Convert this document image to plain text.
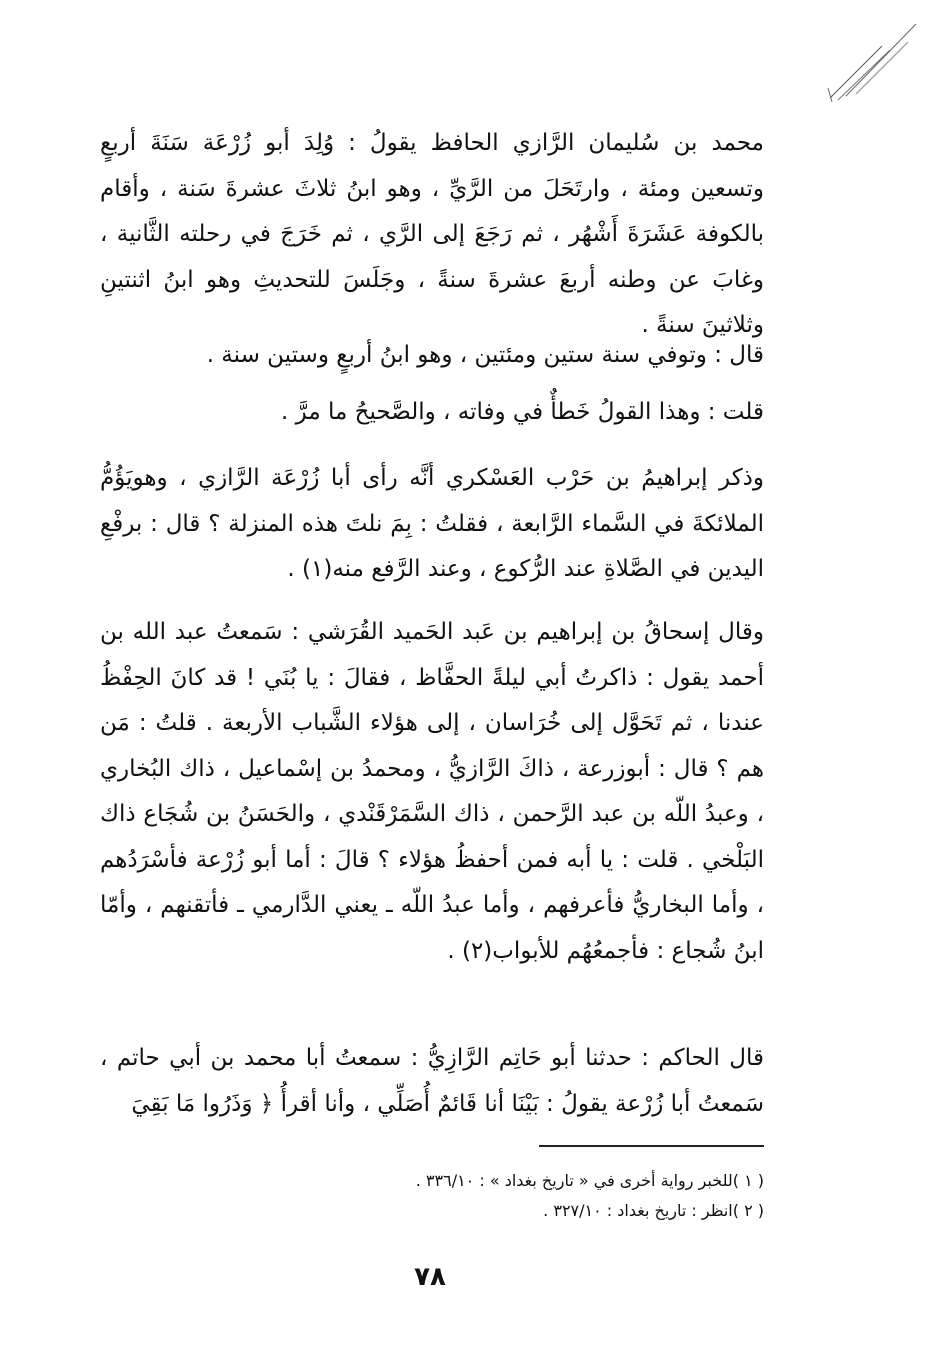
محمد بن سُليمان الرَّازي الحافظ يقولُ : وُلِدَ أبو زُرْعَة سَنَةَ أربعٍ وتسعين ومئة ، وارتَحَلَ من الرَّيِّ ، وهو ابنُ ثلاثَ عشرةَ سَنة ، وأقام بالكوفة عَشَرَةَ أَشْهُر ، ثم رَجَعَ إلى الرَّي ، ثم خَرَجَ في رحلته الثَّانية ، وغابَ عن وطنه أربعَ عشرةَ سنةً ، وجَلَسَ للتحديثِ وهو ابنُ اثنتينِ وثلاثينَ سنةً .

قال : وتوفي سنة ستين ومئتين ، وهو ابنُ أربعٍ وستين سنة .

قلت : وهذا القولُ خَطأٌ في وفاته ، والصَّحيحُ ما مرَّ .

وذكر إبراهيمُ بن حَرْب العَسْكري أنَّه رأى أبا زُرْعَة الرَّازي ، وهويَؤُمُّ الملائكةَ في السَّماء الرَّابعة ، فقلتُ : بِمَ نلتَ هذه المنزلة ؟ قال : برفْعِ اليدين في الصَّلاةِ عند الرُّكوع ، وعند الرَّفع منه(١) .

وقال إسحاقُ بن إبراهيم بن عَبد الحَميد القُرَشي : سَمعتُ عبد الله بن أحمد يقول : ذاكرتُ أبي ليلةً الحفَّاظ ، فقالَ : يا بُنَي ! قد كانَ الحِفْظُ عندنا ، ثم تَحَوَّل إلى خُرَاسان ، إلى هؤلاء الشَّباب الأربعة . قلتُ : مَن هم ؟ قال : أبوزرعة ، ذاكَ الرَّازيُّ ، ومحمدُ بن إسْماعيل ، ذاك البُخاري ، وعبدُ اللّه بن عبد الرَّحمن ، ذاك السَّمَرْقَنْدي ، والحَسَنُ بن شُجَاع ذاك البَلْخي . قلت : يا أبه فمن أحفظُ هؤلاء ؟ قالَ : أما أبو زُرْعة فأسْرَدُهم ، وأما البخاريُّ فأعرفهم ، وأما عبدُ اللّه ـ يعني الدَّارمي ـ فأتقنهم ، وأمّا ابنُ شُجاع : فأجمعُهُم للأبواب(٢) .

قال الحاكم : حدثنا أبو حَاتِم الرَّازِيُّ : سمعتُ أبا محمد بن أبي حاتم ، سَمعتُ أبا زُرْعة يقولُ : بَيْنَا أنا قَائمٌ أُصَلِّي ، وأنا أقرأُ ﴿ وَذَرُوا مَا بَقِيَ

( ١ )للخبر رواية أخرى في « تاريخ بغداد » : ٣٣٦/١٠ .
( ٢ )انظر : تاريخ بغداد : ٣٢٧/١٠ .
٧٨
